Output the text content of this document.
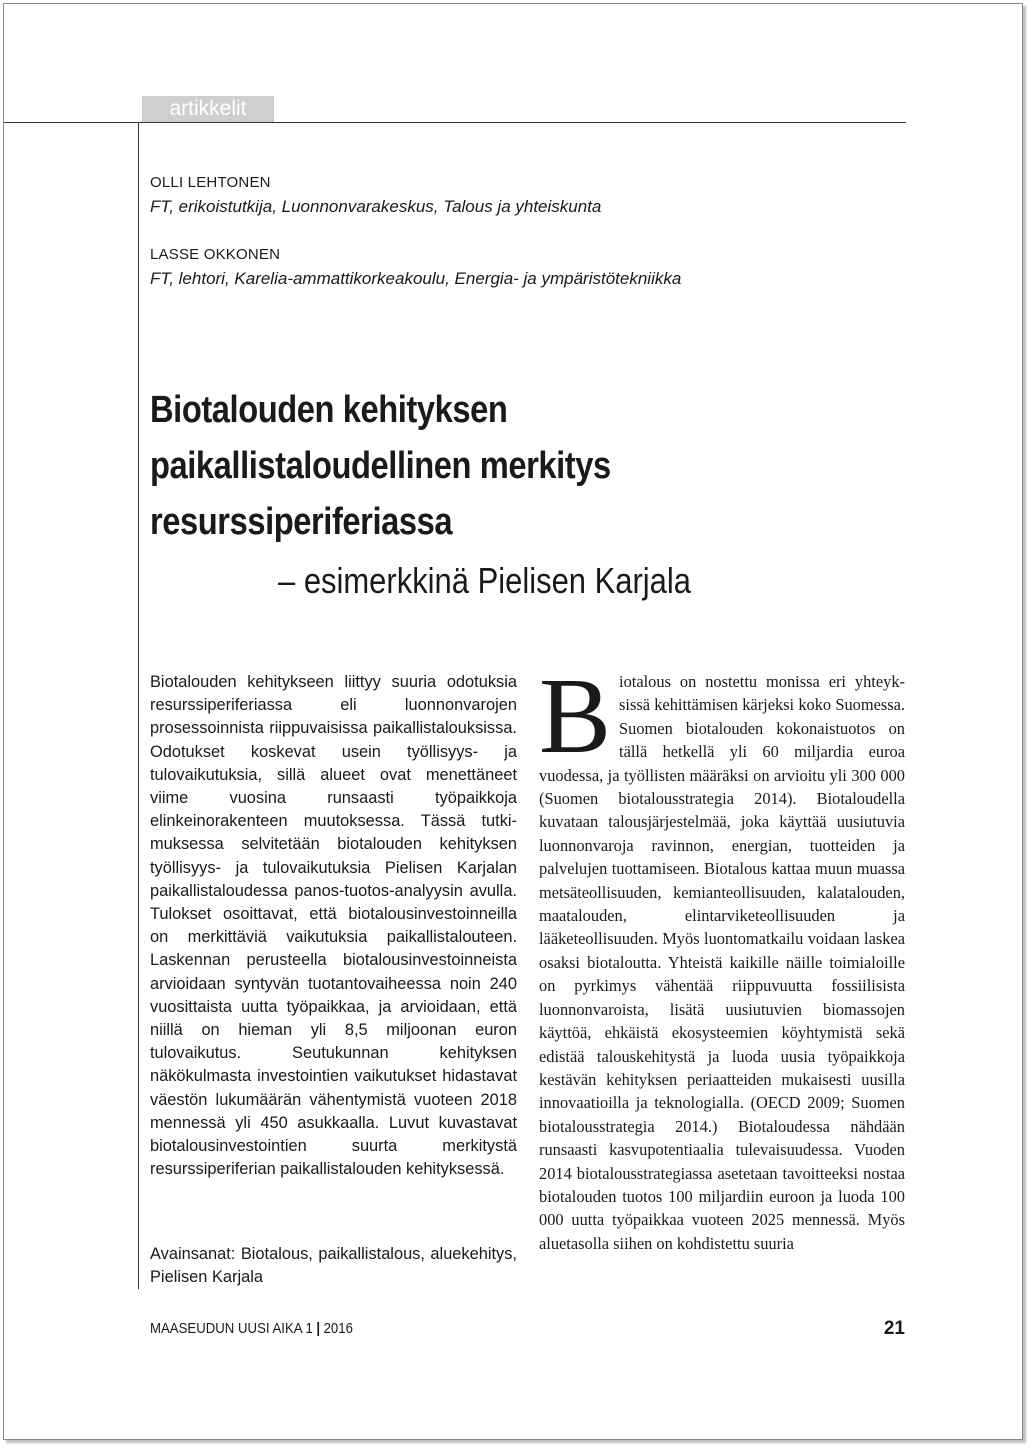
artikkelit
OLLI LEHTONEN
FT, erikoistutkija, Luonnonvarakeskus, Talous ja yhteiskunta
LASSE OKKONEN
FT, lehtori, Karelia-ammattikorkeakoulu, Energia- ja ympäristötekniikka
Biotalouden kehityksen
paikallistaloudellinen merkitys
resurssiperiferiassa
– esimerkkinä Pielisen Karjala
Biotalouden kehitykseen liittyy suuria odotuksia resurssiperiferiassa eli luonnonvarojen prosessoinnista riippuvaisissa paikallistalouksissa. Odotukset koskevat usein työllisyys- ja tulovaikutuksia, sillä alueet ovat menettäneet viime vuosina runsaasti työpaikkoja elinkeinorakenteen muutoksessa. Tässä tutkimuksessa selvitetään biotalouden kehityksen työllisyys- ja tulovaikutuksia Pielisen Karjalan paikallistaloudessa panos-tuotos-analyysin avulla. Tulokset osoittavat, että biotalousinvestoinneilla on merkittäviä vaikutuksia paikallistalouteen. Laskennan perusteella biotalousinvestoinneista arvioidaan syntyvän tuotantovaiheessa noin 240 vuosittaista uutta työpaikkaa, ja arvioidaan, että niillä on hieman yli 8,5 miljoonan euron tulovaikutus. Seutukunnan kehityksen näkökulmasta investointien vaikutukset hidastavat väestön lukumäärän vähentymistä vuoteen 2018 mennessä yli 450 asukkaalla. Luvut kuvastavat biotalousinvestointien suurta merkitystä resurssiperiferian paikallistalouden kehityksessä.
Avainsanat: Biotalous, paikallistalous, aluekehitys, Pielisen Karjala
Biotalous on nostettu monissa eri yhteyksissä kehittämisen kärjeksi koko Suomessa. Suomen biotalouden kokonaistuotos on tällä hetkellä yli 60 miljardia euroa vuodessa, ja työllisten määräksi on arvioitu yli 300 000 (Suomen biotalousstrategia 2014). Biotaloudella kuvataan talousjärjestelmää, joka käyttää uusiutuvia luonnonvaroja ravinnon, energian, tuotteiden ja palvelujen tuottamiseen. Biotalous kattaa muun muassa metsäteollisuuden, kemianteollisuuden, kalatalouden, maatalouden, elintarviketeollisuuden ja lääketeollisuuden. Myös luontomatkailu voidaan laskea osaksi biotaloutta. Yhteistä kaikille näille toimialoille on pyrkimys vähentää riippuvuutta fossiilisista luonnonvaroista, lisätä uusiutuvien biomassojen käyttöä, ehkäistä ekosysteemien köyhtymistä sekä edistää talouskehitystä ja luoda uusia työpaikkoja kestävän kehityksen periaatteiden mukaisesti uusilla innovaatioilla ja teknologialla. (OECD 2009; Suomen biotalousstrategia 2014.) Biotaloudessa nähdään runsaasti kasvupotentiaalia tulevaisuudessa. Vuoden 2014 biotalousstrategiassa asetetaan tavoitteeksi nostaa biotalouden tuotos 100 miljardiin euroon ja luoda 100 000 uutta työpaikkaa vuoteen 2025 mennessä. Myös aluetasolla siihen on kohdistettu suuria
MAASEUDUN UUSI AIKA 1 | 2016	21
